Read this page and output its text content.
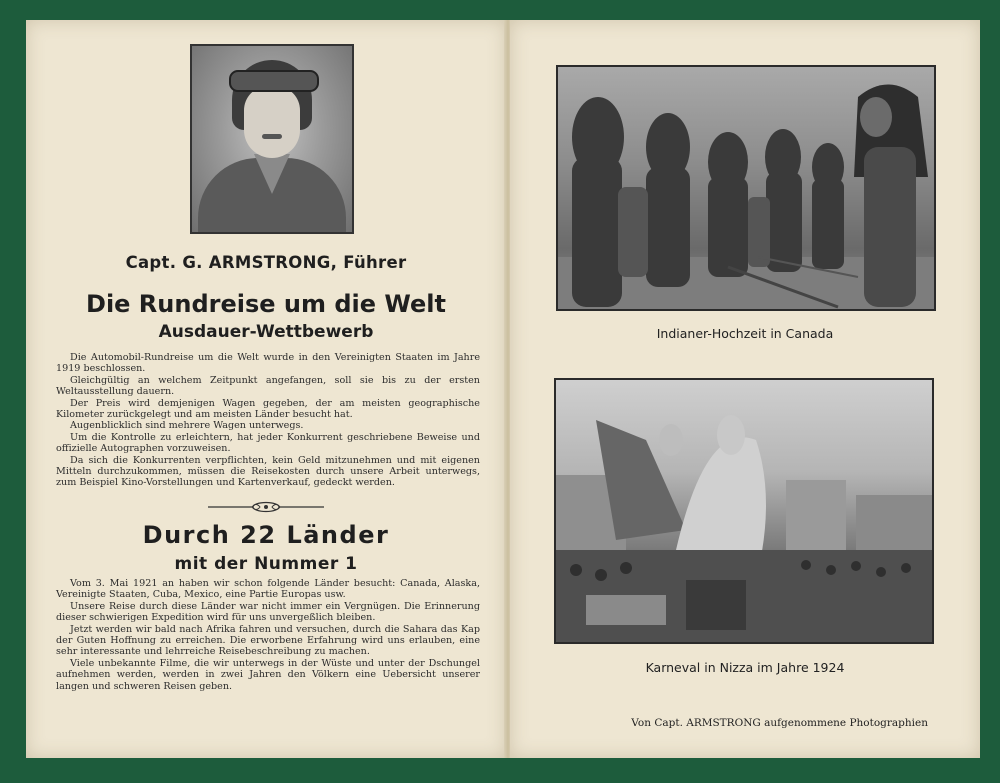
Capt. G. ARMSTRONG, Führer
Die Rundreise um die Welt
Ausdauer-Wettbewerb

Die Automobil-Rundreise um die Welt wurde in den Vereinigten Staaten im Jahre 1919 beschlossen.

Gleichgültig an welchem Zeitpunkt angefangen, soll sie bis zu der ersten Weltausstellung dauern.

Der Preis wird demjenigen Wagen gegeben, der am meisten geographische Kilometer zurückgelegt und am meisten Länder besucht hat.

Augenblicklich sind mehrere Wagen unterwegs.

Um die Kontrolle zu erleichtern, hat jeder Konkurrent geschriebene Beweise und offizielle Autographen vorzuweisen.

Da sich die Konkurrenten verpflichten, kein Geld mitzunehmen und mit eigenen Mitteln durchzukommen, müssen die Reisekosten durch unsere Arbeit unterwegs, zum Beispiel Kino-Vorstellungen und Kartenverkauf, gedeckt werden.

Durch 22 Länder
mit der Nummer 1

Vom 3. Mai 1921 an haben wir schon folgende Länder besucht: Canada, Alaska, Vereinigte Staaten, Cuba, Mexico, eine Partie Europas usw.

Unsere Reise durch diese Länder war nicht immer ein Vergnügen. Die Erinnerung dieser schwierigen Expedition wird für uns unvergeßlich bleiben.

Jetzt werden wir bald nach Afrika fahren und versuchen, durch die Sahara das Kap der Guten Hoffnung zu erreichen. Die erworbene Erfahrung wird uns erlauben, eine sehr interessante und lehrreiche Reisebeschreibung zu machen.

Viele unbekannte Filme, die wir unterwegs in der Wüste und unter der Dschungel aufnehmen werden, werden in zwei Jahren den Völkern eine Uebersicht unserer langen und schweren Reisen geben.

Indianer-Hochzeit in Canada
Karneval in Nizza im Jahre 1924
Von Capt. ARMSTRONG aufgenommene Photographien
